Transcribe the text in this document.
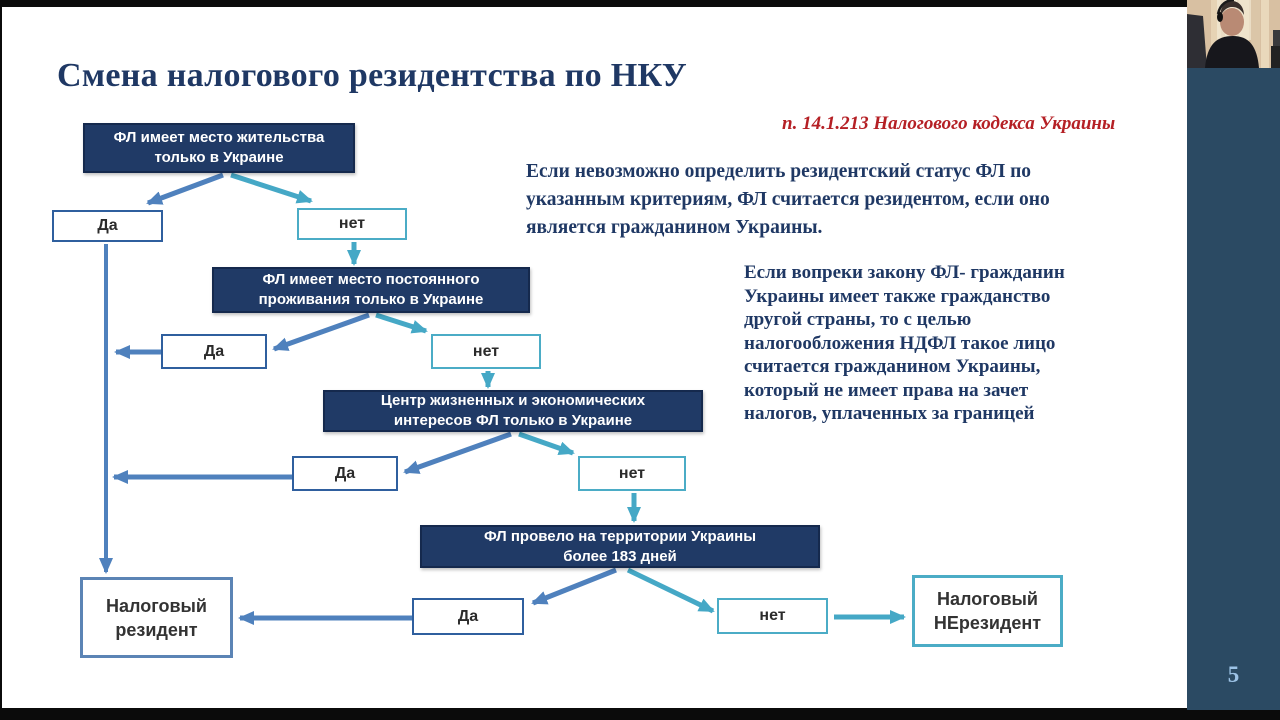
Смена налогового резидентства по НКУ
п. 14.1.213 Налогового кодекса Украины
Если невозможно определить резидентский статус ФЛ по
указанным критериям, ФЛ считается резидентом, если оно
является гражданином Украины.
Если вопреки закону ФЛ- гражданин
Украины имеет также гражданство
другой страны, то с целью
налогообложения НДФЛ такое лицо
считается гражданином Украины,
который не имеет права на зачет
налогов, уплаченных за границей
ФЛ имеет место жительства
только в Украине
ФЛ имеет место постоянного
проживания только в Украине
Центр жизненных и экономических
интересов ФЛ только в Украине
ФЛ провело на территории Украины
более 183 дней
Да	нет
Да	нет
Да	нет
Да	нет
Налоговый
резидент
Налоговый
НЕрезидент
5
